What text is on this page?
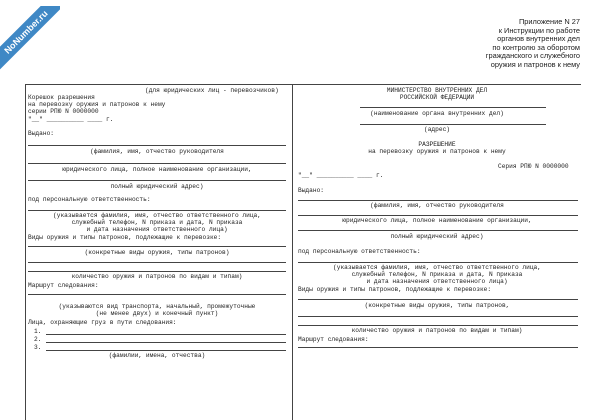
NoNumber.ru	Приложение N 27
к Инструкции по работе
органов внутренних дел
по контролю за оборотом
гражданского и служебного
оружия и патронов к нему
(для юридических лиц - перевозчиков)
Корешок разрешения
на перевозку оружия и патронов к нему
серии РПЮ N 0000000
"__" __________ ____ г.
Выдано:
(фамилия, имя, отчество руководителя
юридического лица, полное наименование организации,
полный юридический адрес)
под персональную ответственность:
(указывается фамилия, имя, отчество ответственного лица,
служебный телефон, N приказа и дата, N приказа
и дата назначения ответственного лица)
Виды оружия и типы патронов, подлежащие к перевозке:
(конкретные виды оружия, типы патронов)
количество оружия и патронов по видам и типам)
Маршрут следования:
(указываются вид транспорта, начальный, промежуточные
(не менее двух) и конечный пункт)
Лица, охраняющие груз в пути следования:
1.
2.
3.
(фамилии, имена, отчества)
МИНИСТЕРСТВО ВНУТРЕННИХ ДЕЛ
РОССИЙСКОЙ ФЕДЕРАЦИИ
(наименование органа внутренних дел)
(адрес)
РАЗРЕШЕНИЕ
на перевозку оружия и патронов к нему
Серия РПЮ N 0000000
"__" __________ ____ г.
Выдано:
(фамилия, имя, отчество руководителя
юридического лица, полное наименование организации,
полный юридический адрес)
под персональную ответственность:
(указывается фамилия, имя, отчество ответственного лица,
служебный телефон, N приказа и дата, N приказа
и дата назначения ответственного лица)
Виды оружия и типы патронов, подлежащие к перевозке:
(конкретные виды оружия, типы патронов,
количество оружия и патронов по видам и типам)
Маршрут следования:
